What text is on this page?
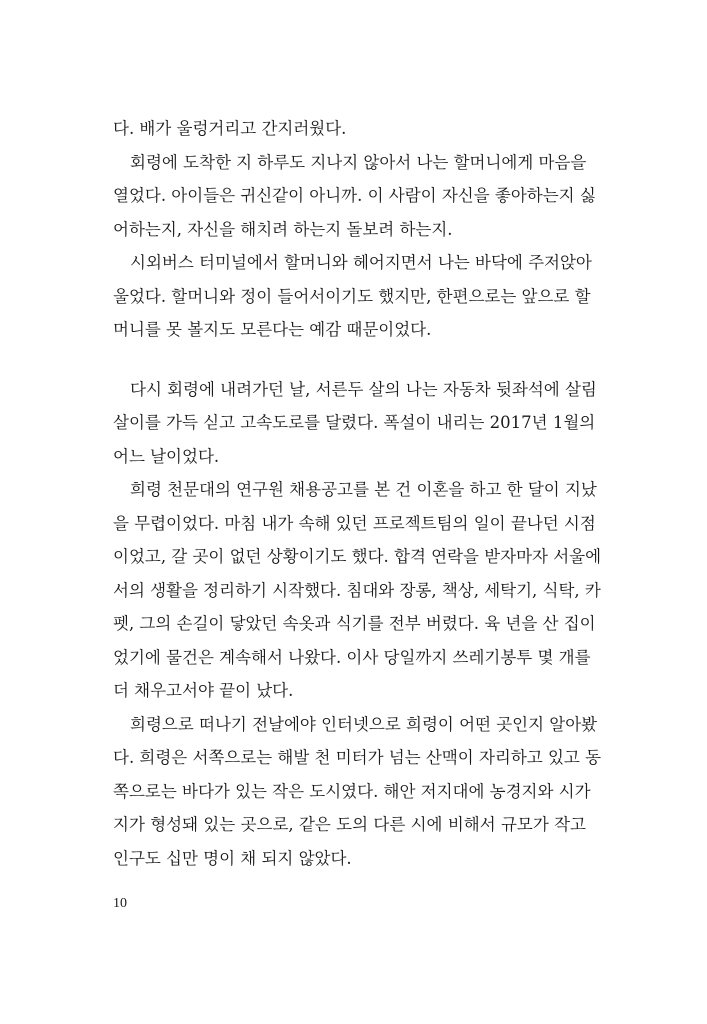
다. 배가 울렁거리고 간지러웠다.
회령에 도착한 지 하루도 지나지 않아서 나는 할머니에게 마음을
열었다. 아이들은 귀신같이 아니까. 이 사람이 자신을 좋아하는지 싫
어하는지, 자신을 해치려 하는지 돌보려 하는지.
시외버스 터미널에서 할머니와 헤어지면서 나는 바닥에 주저앉아
울었다. 할머니와 정이 들어서이기도 했지만, 한편으로는 앞으로 할
머니를 못 볼지도 모른다는 예감 때문이었다.
다시 회령에 내려가던 날, 서른두 살의 나는 자동차 뒷좌석에 살림
살이를 가득 싣고 고속도로를 달렸다. 폭설이 내리는 2017년 1월의
어느 날이었다.
희령 천문대의 연구원 채용공고를 본 건 이혼을 하고 한 달이 지났
을 무렵이었다. 마침 내가 속해 있던 프로젝트팀의 일이 끝나던 시점
이었고, 갈 곳이 없던 상황이기도 했다. 합격 연락을 받자마자 서울에
서의 생활을 정리하기 시작했다. 침대와 장롱, 책상, 세탁기, 식탁, 카
펫, 그의 손길이 닿았던 속옷과 식기를 전부 버렸다. 육 년을 산 집이
었기에 물건은 계속해서 나왔다. 이사 당일까지 쓰레기봉투 몇 개를
더 채우고서야 끝이 났다.
희령으로 떠나기 전날에야 인터넷으로 희령이 어떤 곳인지 알아봤
다. 희령은 서쪽으로는 해발 천 미터가 넘는 산맥이 자리하고 있고 동
쪽으로는 바다가 있는 작은 도시였다. 해안 저지대에 농경지와 시가
지가 형성돼 있는 곳으로, 같은 도의 다른 시에 비해서 규모가 작고
인구도 십만 명이 채 되지 않았다.
10
